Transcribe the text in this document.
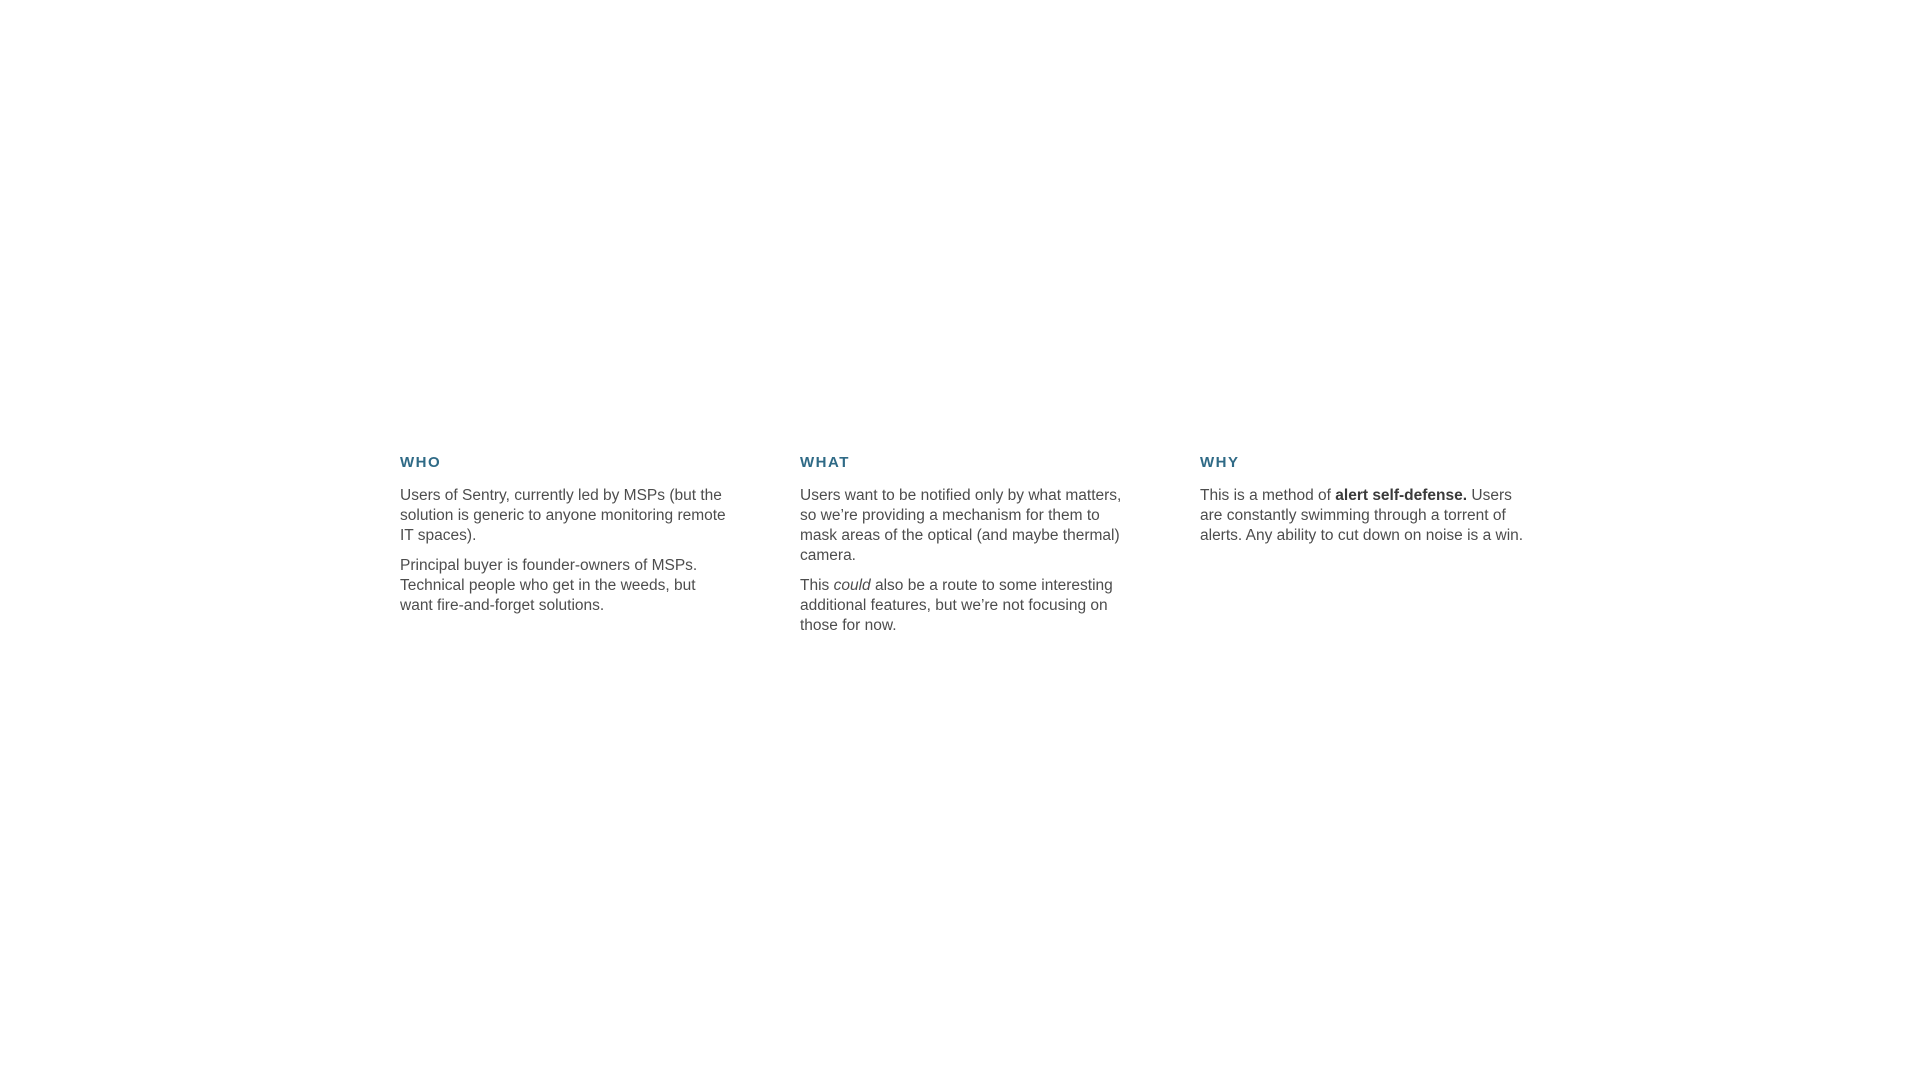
WHO

Users of Sentry, currently led by MSPs (but the solution is generic to anyone monitoring remote IT spaces).

Principal buyer is founder-owners of MSPs. Technical people who get in the weeds, but want fire-and-forget solutions.

WHAT

Users want to be notified only by what matters, so we’re providing a mechanism for them to mask areas of the optical (and maybe thermal) camera.

This could also be a route to some interesting additional features, but we’re not focusing on those for now.

WHY

This is a method of alert self-defense. Users are constantly swimming through a torrent of alerts. Any ability to cut down on noise is a win.
